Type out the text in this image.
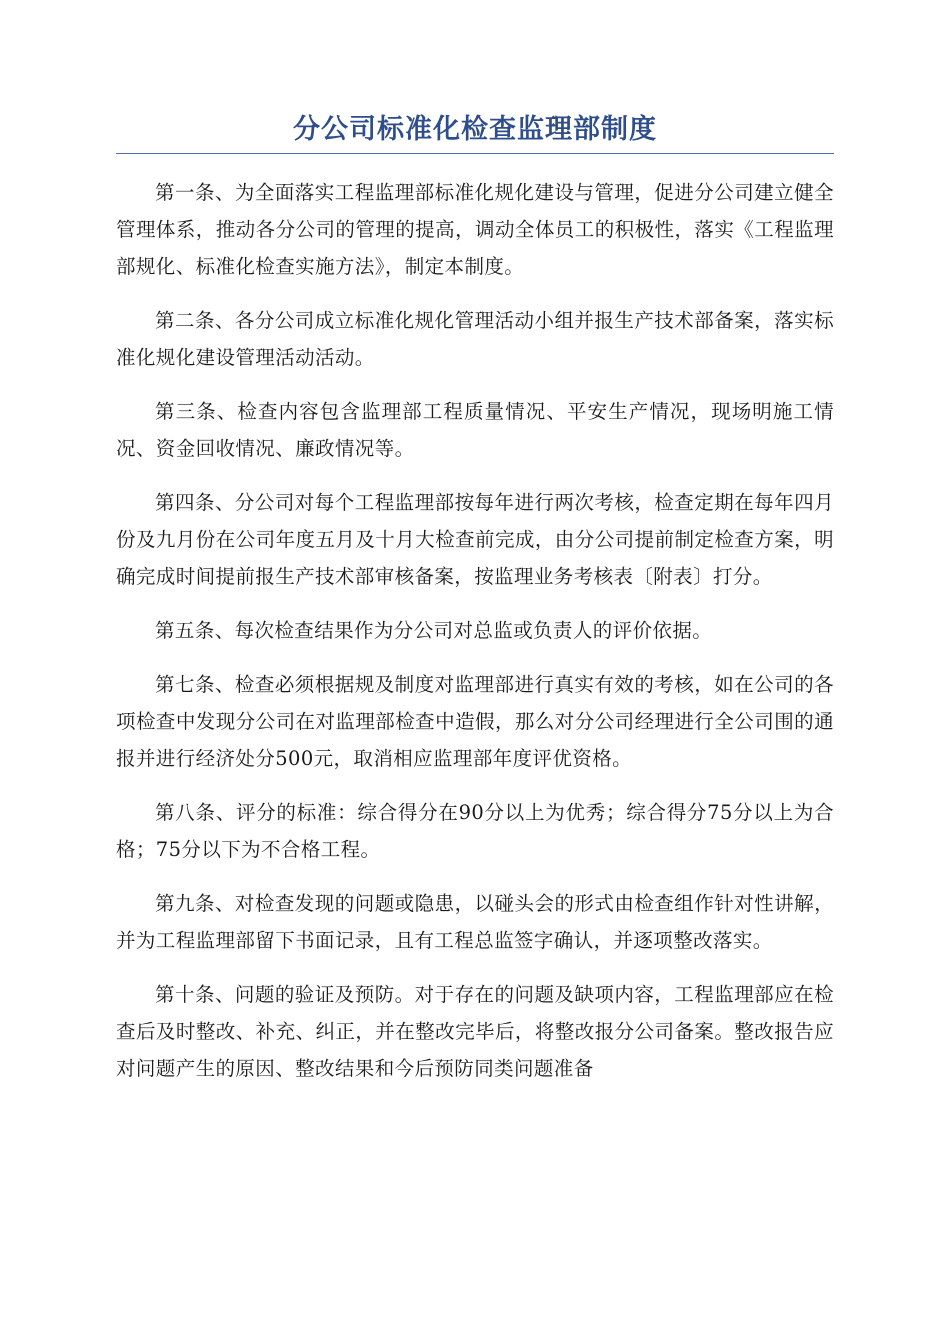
分公司标准化检查监理部制度

第一条、为全面落实工程监理部标准化规化建设与管理，促进分公司建立健全管理体系，推动各分公司的管理的提高，调动全体员工的积极性，落实《工程监理部规化、标准化检查实施方法》，制定本制度。

第二条、各分公司成立标准化规化管理活动小组并报生产技术部备案，落实标准化规化建设管理活动活动。

第三条、检查内容包含监理部工程质量情况、平安生产情况，现场明施工情况、资金回收情况、廉政情况等。

第四条、分公司对每个工程监理部按每年进行两次考核，检查定期在每年四月份及九月份在公司年度五月及十月大检查前完成，由分公司提前制定检查方案，明确完成时间提前报生产技术部审核备案，按监理业务考核表〔附表〕打分。

第五条、每次检查结果作为分公司对总监或负责人的评价依据。

第七条、检查必须根据规及制度对监理部进行真实有效的考核，如在公司的各项检查中发现分公司在对监理部检查中造假，那么对分公司经理进行全公司围的通报并进行经济处分500元，取消相应监理部年度评优资格。

第八条、评分的标准：综合得分在90分以上为优秀；综合得分75分以上为合格；75分以下为不合格工程。

第九条、对检查发现的问题或隐患，以碰头会的形式由检查组作针对性讲解，并为工程监理部留下书面记录，且有工程总监签字确认，并逐项整改落实。

第十条、问题的验证及预防。对于存在的问题及缺项内容，工程监理部应在检查后及时整改、补充、纠正，并在整改完毕后，将整改报分公司备案。整改报告应对问题产生的原因、整改结果和今后预防同类问题准备
